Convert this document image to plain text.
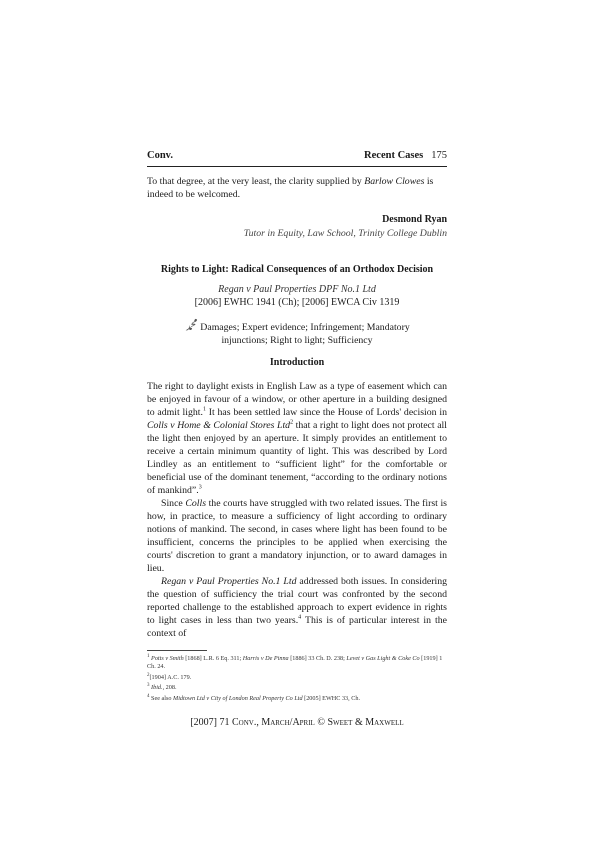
Conv.	Recent Cases 175

To that degree, at the very least, the clarity supplied by Barlow Clowes is indeed to be welcomed.

Desmond Ryan
Tutor in Equity, Law School, Trinity College Dublin
Rights to Light: Radical Consequences of an Orthodox Decision
Regan v Paul Properties DPF No.1 Ltd
[2006] EWHC 1941 (Ch); [2006] EWCA Civ 1319
ﷴ Damages; Expert evidence; Infringement; Mandatory
injunctions; Right to light; Sufficiency
Introduction

The right to daylight exists in English Law as a type of easement which can be enjoyed in favour of a window, or other aperture in a building designed to admit light.$^1$ It has been settled law since the House of Lords' decision in Colls v Home & Colonial Stores Ltd$^2$ that a right to light does not protect all the light then enjoyed by an aperture. It simply provides an entitlement to receive a certain minimum quantity of light. This was described by Lord Lindley as an entitlement to “sufficient light” for the comfortable or beneficial use of the dominant tenement, “according to the ordinary notions of mankind”.$^3$

Since Colls the courts have struggled with two related issues. The first is how, in practice, to measure a sufficiency of light according to ordinary notions of mankind. The second, in cases where light has been found to be insufficient, concerns the principles to be applied when exercising the courts' discretion to grant a mandatory injunction, or to award damages in lieu.

Regan v Paul Properties No.1 Ltd addressed both issues. In considering the question of sufficiency the trial court was confronted by the second reported challenge to the established approach to expert evidence in rights to light cases in less than two years.$^4$ This is of particular interest in the context of

$^1$ Potts v Smith [1868] L.R. 6 Eq. 311; Harris v De Pinna [1886] 33 Ch. D. 238; Levet v Gas Light & Coke Co [1919] 1 Ch. 24.

$^2$[1904] A.C. 179.

$^3$ Ibid., 208.

$^4$ See also Midtown Ltd v City of London Real Property Co Ltd [2005] EWHC 33, Ch.

[2007] 71 Conv., March/April © Sweet & Maxwell
